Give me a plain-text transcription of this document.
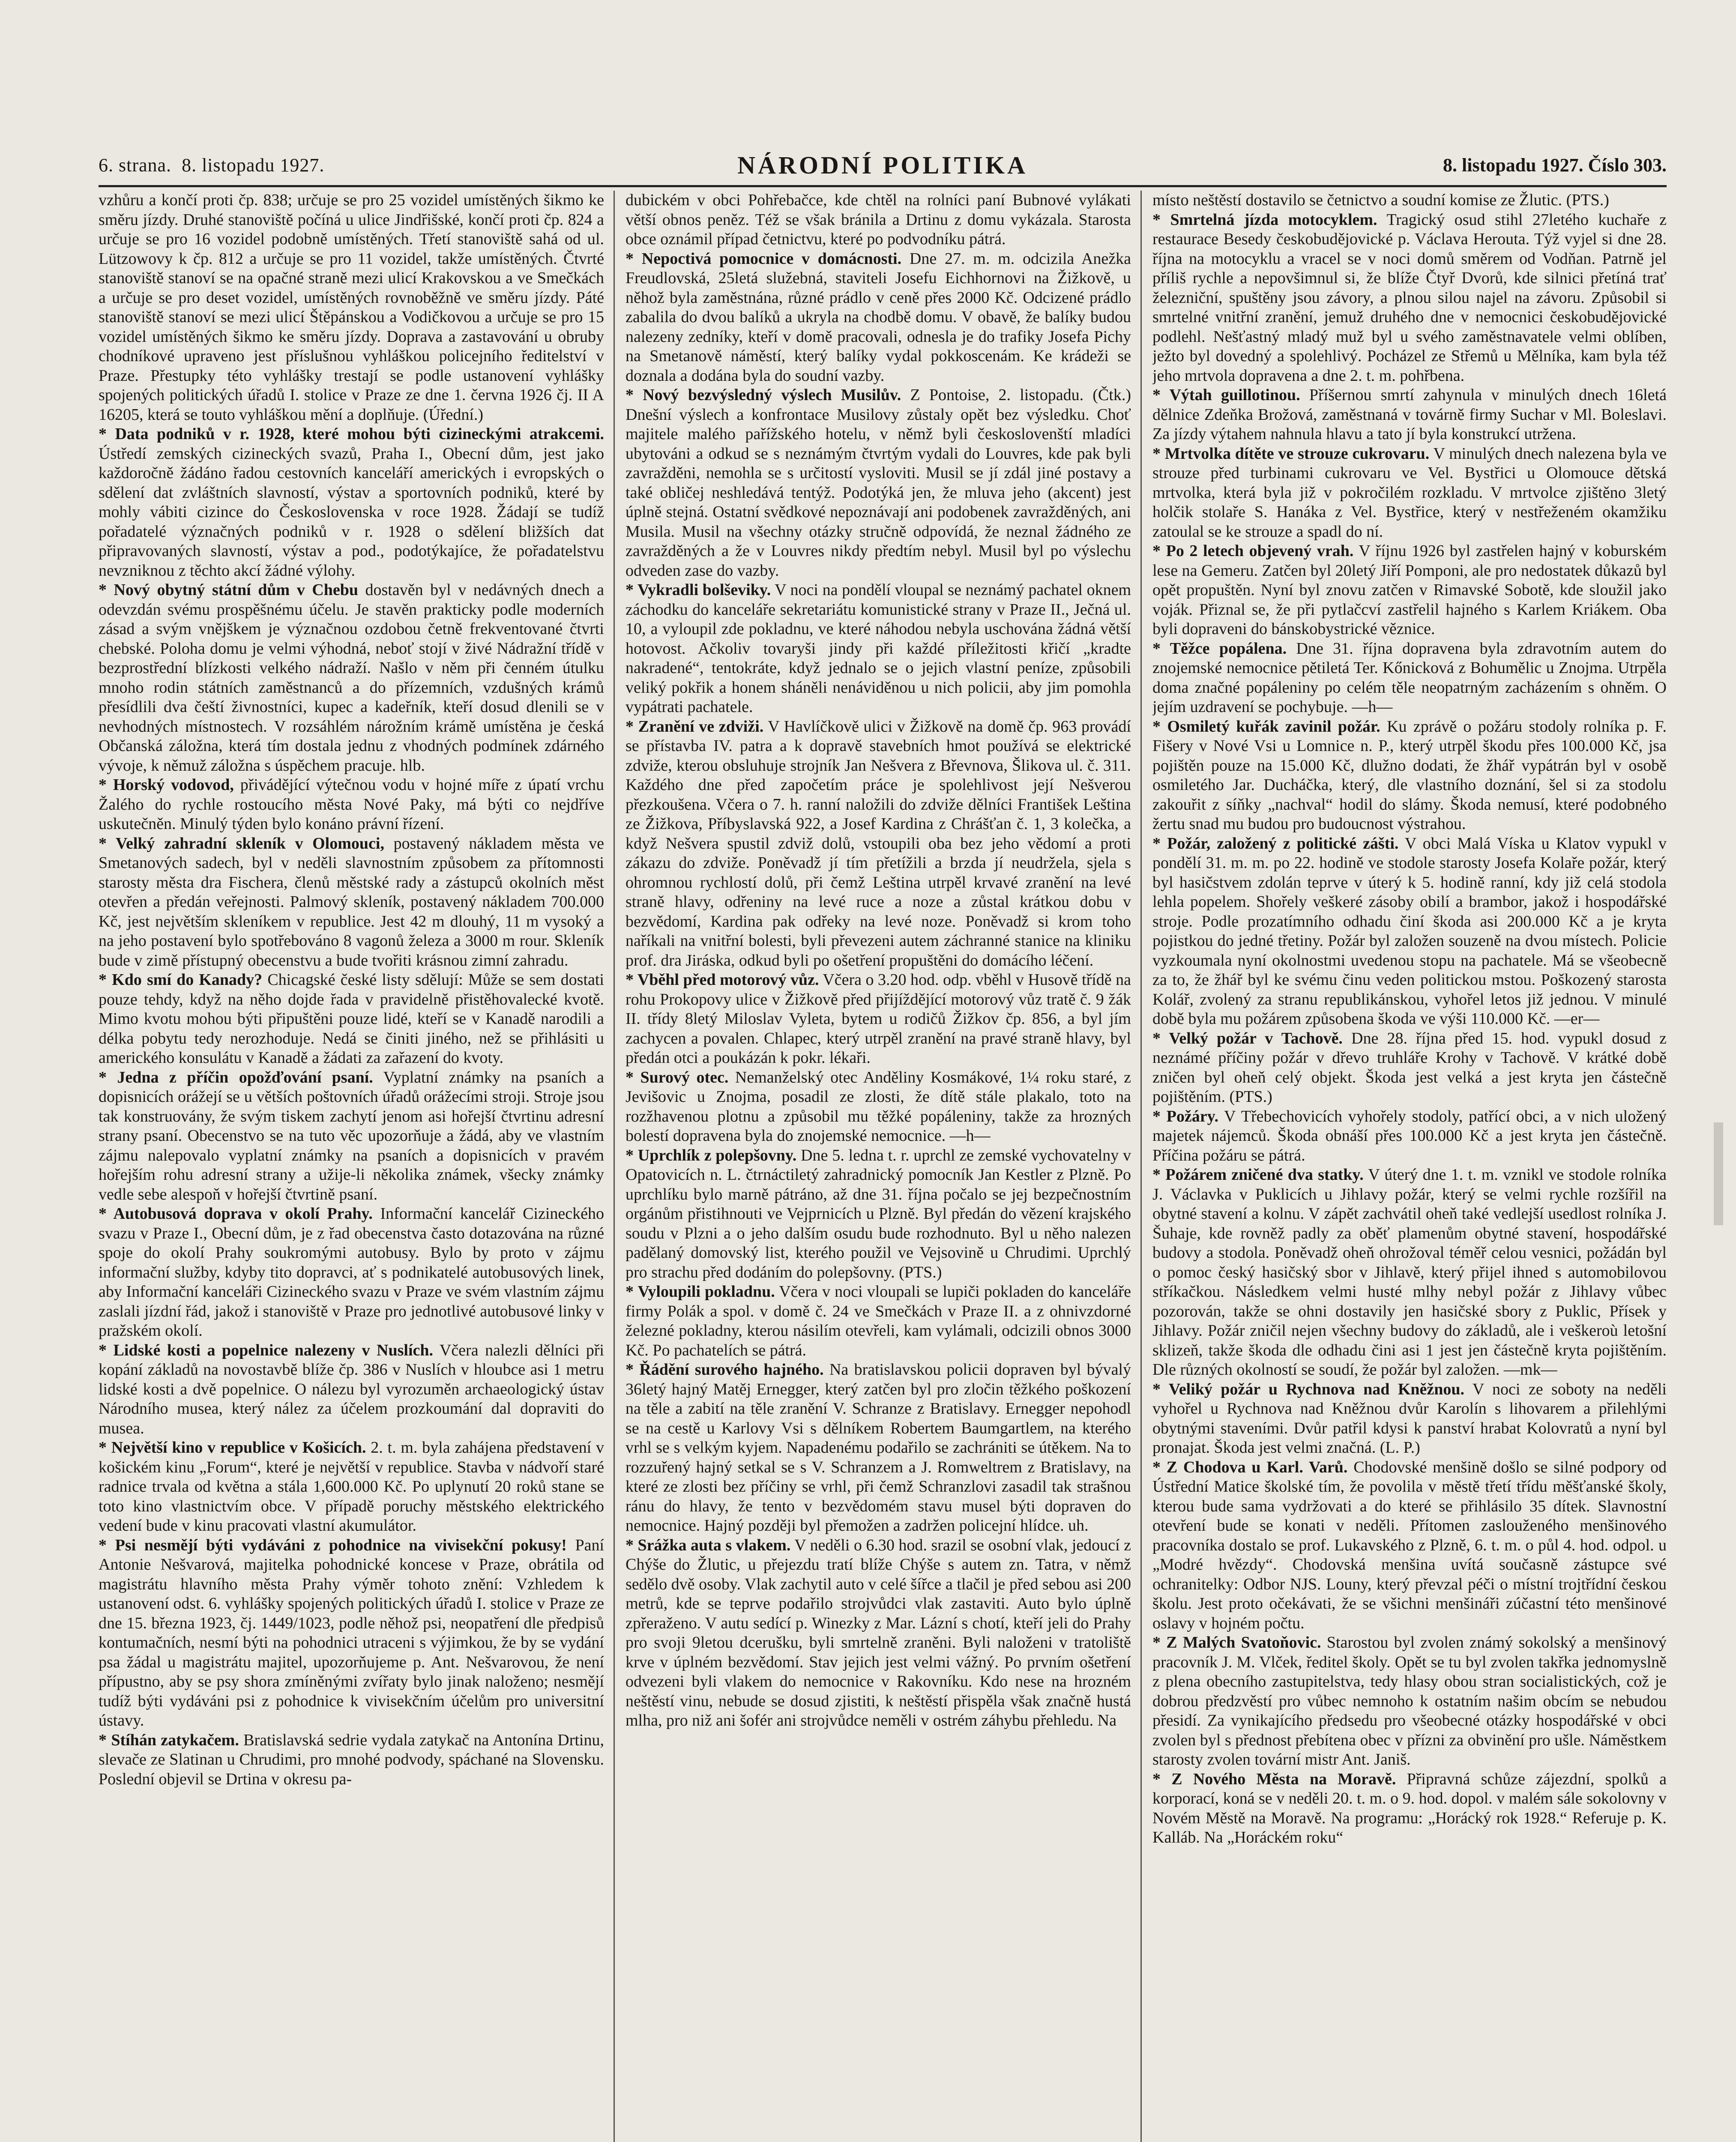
6. strana. 8. listopadu 1927.	NÁRODNÍ POLITIKA	8. listopadu 1927. Číslo 303.

vzhůru a končí proti čp. 838; určuje se pro 25 vozidel umístěných šikmo ke směru jízdy. Druhé stanoviště počíná u ulice Jindřišské, končí proti čp. 824 a určuje se pro 16 vozidel podobně umístěných. Třetí stanoviště sahá od ul. Lützowovy k čp. 812 a určuje se pro 11 vozidel, takže umístěných. Čtvrté stanoviště stanoví se na opačné straně mezi ulicí Krakovskou a ve Smečkách a určuje se pro deset vozidel, umístěných rovnoběžně ve směru jízdy. Páté stanoviště stanoví se mezi ulicí Štěpánskou a Vodičkovou a určuje se pro 15 vozidel umístěných šikmo ke směru jízdy. Doprava a zastavování u obruby chodníkové upraveno jest příslušnou vyhláškou policejního ředitelství v Praze. Přestupky této vyhlášky trestají se podle ustanovení vyhlášky spojených politických úřadů I. stolice v Praze ze dne 1. června 1926 čj. II A 16205, která se touto vyhláškou mění a doplňuje. (Úřední.)

* Data podniků v r. 1928, které mohou býti cizineckými atrakcemi. Ústředí zemských cizineckých svazů, Praha I., Obecní dům, jest jako každoročně žádáno řadou cestovních kanceláří amerických i evropských o sdělení dat zvláštních slavností, výstav a sportovních podniků, které by mohly vábiti cizince do Československa v roce 1928. Žádají se tudíž pořadatelé význačných podniků v r. 1928 o sdělení bližších dat připravovaných slavností, výstav a pod., podotýkajíce, že pořadatelstvu nevzniknou z těchto akcí žádné výlohy.

* Nový obytný státní dům v Chebu dostavěn byl v nedávných dnech a odevzdán svému prospěšnému účelu. Je stavěn prakticky podle moderních zásad a svým vnějškem je význačnou ozdobou četně frekventované čtvrti chebské. Poloha domu je velmi výhodná, neboť stojí v živé Nádražní třídě v bezprostřední blízkosti velkého nádraží. Našlo v něm při čenném útulku mnoho rodin státních zaměstnanců a do přízemních, vzdušných krámů přesídlili dva čeští živnostníci, kupec a kadeřník, kteří dosud dlenili se v nevhodných místnostech. V rozsáhlém nárožním krámě umístěna je česká Občanská záložna, která tím dostala jednu z vhodných podmínek zdárného vývoje, k němuž záložna s úspěchem pracuje. hlb.

* Horský vodovod, přivádějící výtečnou vodu v hojné míře z úpatí vrchu Žalého do rychle rostoucího města Nové Paky, má býti co nejdříve uskutečněn. Minulý týden bylo konáno právní řízení.

* Velký zahradní skleník v Olomouci, postavený nákladem města ve Smetanových sadech, byl v neděli slavnostním způsobem za přítomnosti starosty města dra Fischera, členů městské rady a zástupců okolních měst otevřen a předán veřejnosti. Palmový skleník, postavený nákladem 700.000 Kč, jest největším skleníkem v republice. Jest 42 m dlouhý, 11 m vysoký a na jeho postavení bylo spotřebováno 8 vagonů železa a 3000 m rour. Skleník bude v zimě přístupný obecenstvu a bude tvořiti krásnou zimní zahradu.

* Kdo smí do Kanady? Chicagské české listy sdělují: Může se sem dostati pouze tehdy, když na něho dojde řada v pravidelně přistěhovalecké kvotě. Mimo kvotu mohou býti připuštěni pouze lidé, kteří se v Kanadě narodili a délka pobytu tedy nerozhoduje. Nedá se činiti jiného, než se přihlásiti u amerického konsulátu v Kanadě a žádati za zařazení do kvoty.

* Jedna z příčin opožďování psaní. Vyplatní známky na psaních a dopisnicích orážejí se u větších poštovních úřadů orážecími stroji. Stroje jsou tak konstruovány, že svým tiskem zachytí jenom asi hořejší čtvrtinu adresní strany psaní. Obecenstvo se na tuto věc upozorňuje a žádá, aby ve vlastním zájmu nalepovalo vyplatní známky na psaních a dopisnicích v pravém hořejším rohu adresní strany a užije-li několika známek, všecky známky vedle sebe alespoň v hořejší čtvrtině psaní.

* Autobusová doprava v okolí Prahy. Informační kancelář Cizineckého svazu v Praze I., Obecní dům, je z řad obecenstva často dotazována na různé spoje do okolí Prahy soukromými autobusy. Bylo by proto v zájmu informační služby, kdyby tito dopravci, ať s podnikatelé autobusových linek, aby Informační kanceláři Cizineckého svazu v Praze ve svém vlastním zájmu zaslali jízdní řád, jakož i stanoviště v Praze pro jednotlivé autobusové linky v pražském okolí.

* Lidské kosti a popelnice nalezeny v Nuslích. Včera nalezli dělníci při kopání základů na novostavbě blíže čp. 386 v Nuslích v hloubce asi 1 metru lidské kosti a dvě popelnice. O nálezu byl vyrozuměn archaeologický ústav Národního musea, který nález za účelem prozkoumání dal dopraviti do musea.

* Největší kino v republice v Košicích. 2. t. m. byla zahájena představení v košickém kinu „Forum“, které je největší v republice. Stavba v nádvoří staré radnice trvala od května a stála 1,600.000 Kč. Po uplynutí 20 roků stane se toto kino vlastnictvím obce. V případě poruchy městského elektrického vedení bude v kinu pracovati vlastní akumulátor.

* Psi nesmějí býti vydáváni z pohodnice na vivisekční pokusy! Paní Antonie Nešvarová, majitelka pohodnické koncese v Praze, obrátila od magistrátu hlavního města Prahy výměr tohoto znění: Vzhledem k ustanovení odst. 6. vyhlášky spojených politických úřadů I. stolice v Praze ze dne 15. března 1923, čj. 1449/1023, podle něhož psi, neopatření dle předpisů kontumačních, nesmí býti na pohodnici utraceni s výjimkou, že by se vydání psa žádal u magistrátu majitel, upozorňujeme p. Ant. Nešvarovou, že není přípustno, aby se psy shora zmíněnými zvířaty bylo jinak naloženo; nesmějí tudíž býti vydáváni psi z pohodnice k vivisekčním účelům pro universitní ústavy.

* Stíhán zatykačem. Bratislavská sedrie vydala zatykač na Antonína Drtinu, slevače ze Slatinan u Chrudimi, pro mnohé podvody, spáchané na Slovensku. Poslední objevil se Drtina v okresu pa-

dubickém v obci Pohřebačce, kde chtěl na rolníci paní Bubnové vylákati větší obnos peněz. Též se však bránila a Drtinu z domu vykázala. Starosta obce oznámil případ četnictvu, které po podvodníku pátrá.

* Nepoctivá pomocnice v domácnosti. Dne 27. m. m. odcizila Anežka Freudlovská, 25letá služebná, staviteli Josefu Eichhornovi na Žižkově, u něhož byla zaměstnána, různé prádlo v ceně přes 2000 Kč. Odcizené prádlo zabalila do dvou balíků a ukryla na chodbě domu. V obavě, že balíky budou nalezeny zedníky, kteří v domě pracovali, odnesla je do trafiky Josefa Pichy na Smetanově náměstí, který balíky vydal pokkoscenám. Ke krádeži se doznala a dodána byla do soudní vazby.

* Nový bezvýsledný výslech Musilův. Z Pontoise, 2. listopadu. (Čtk.) Dnešní výslech a konfrontace Musilovy zůstaly opět bez výsledku. Choť majitele malého pařížského hotelu, v němž byli českoslovenští mladíci ubytováni a odkud se s neznámým čtvrtým vydali do Louvres, kde pak byli zavražděni, nemohla se s určitostí vysloviti. Musil se jí zdál jiné postavy a také obličej neshledává tentýž. Podotýká jen, že mluva jeho (akcent) jest úplně stejná. Ostatní svědkové nepoznávají ani podobenek zavražděných, ani Musila. Musil na všechny otázky stručně odpovídá, že neznal žádného ze zavražděných a že v Louvres nikdy předtím nebyl. Musil byl po výslechu odveden zase do vazby.

* Vykradli bolševiky. V noci na pondělí vloupal se neznámý pachatel oknem záchodku do kanceláře sekretariátu komunistické strany v Praze II., Ječná ul. 10, a vyloupil zde pokladnu, ve které náhodou nebyla uschována žádná větší hotovost. Ačkoliv tovaryši jindy při každé příležitosti křičí „kradte nakradené“, tentokráte, když jednalo se o jejich vlastní peníze, způsobili veliký pokřik a honem sháněli nenáviděnou u nich policii, aby jim pomohla vypátrati pachatele.

* Zranění ve zdviži. V Havlíčkově ulici v Žižkově na domě čp. 963 provádí se přístavba IV. patra a k dopravě stavebních hmot používá se elektrické zdviže, kterou obsluhuje strojník Jan Nešvera z Břevnova, Šlikova ul. č. 311. Každého dne před započetím práce je spolehlivost její Nešverou přezkoušena. Včera o 7. h. ranní naložili do zdviže dělníci František Leština ze Žižkova, Příbyslavská 922, a Josef Kardina z Chrášťan č. 1, 3 kolečka, a když Nešvera spustil zdviž dolů, vstoupili oba bez jeho vědomí a proti zákazu do zdviže. Poněvadž jí tím přetížili a brzda jí neudržela, sjela s ohromnou rychlostí dolů, při čemž Leština utrpěl krvavé zranění na levé straně hlavy, odřeniny na levé ruce a noze a zůstal krátkou dobu v bezvědomí, Kardina pak odřeky na levé noze. Poněvadž si krom toho naříkali na vnitřní bolesti, byli převezeni autem záchranné stanice na kliniku prof. dra Jiráska, odkud byli po ošetření propuštěni do domácího léčení.

* Vběhl před motorový vůz. Včera o 3.20 hod. odp. vběhl v Husově třídě na rohu Prokopovy ulice v Žižkově před přijíždějící motorový vůz tratě č. 9 žák II. třídy 8letý Miloslav Vyleta, bytem u rodičů Žižkov čp. 856, a byl jím zachycen a povalen. Chlapec, který utrpěl zranění na pravé straně hlavy, byl předán otci a poukázán k pokr. lékaři.

* Surový otec. Nemanželský otec Anděliny Kosmákové, 1¼ roku staré, z Jevišovic u Znojma, posadil ze zlosti, že dítě stále plakalo, toto na rozžhavenou plotnu a způsobil mu těžké popáleniny, takže za hrozných bolestí dopravena byla do znojemské nemocnice. —h—

* Uprchlík z polepšovny. Dne 5. ledna t. r. uprchl ze zemské vychovatelny v Opatovicích n. L. čtrnáctiletý zahradnický pomocník Jan Kestler z Plzně. Po uprchlíku bylo marně pátráno, až dne 31. října počalo se jej bezpečnostním orgánům přistihnouti ve Vejprnicích u Plzně. Byl předán do vězení krajského soudu v Plzni a o jeho dalším osudu bude rozhodnuto. Byl u něho nalezen padělaný domovský list, kterého použil ve Vejsovině u Chrudimi. Uprchlý pro strachu před dodáním do polepšovny. (PTS.)

* Vyloupili pokladnu. Včera v noci vloupali se lupiči pokladen do kanceláře firmy Polák a spol. v domě č. 24 ve Smečkách v Praze II. a z ohnivzdorné železné pokladny, kterou násilím otevřeli, kam vylámali, odcizili obnos 3000 Kč. Po pachatelích se pátrá.

* Řádění surového hajného. Na bratislavskou policii dopraven byl bývalý 36letý hajný Matěj Ernegger, který zatčen byl pro zločin těžkého poškození na těle a zabití na těle zranění V. Schranze z Bratislavy. Ernegger nepohodl se na cestě u Karlovy Vsi s dělníkem Robertem Baumgartlem, na kterého vrhl se s velkým kyjem. Napadenému podařilo se zachrániti se útěkem. Na to rozzuřený hajný setkal se s V. Schranzem a J. Romweltrem z Bratislavy, na které ze zlosti bez příčiny se vrhl, při čemž Schranzlovi zasadil tak strašnou ránu do hlavy, že tento v bezvědomém stavu musel býti dopraven do nemocnice. Hajný později byl přemožen a zadržen policejní hlídce. uh.

* Srážka auta s vlakem. V neděli o 6.30 hod. srazil se osobní vlak, jedoucí z Chýše do Žlutic, u přejezdu tratí blíže Chýše s autem zn. Tatra, v němž sedělo dvě osoby. Vlak zachytil auto v celé šířce a tlačil je před sebou asi 200 metrů, kde se teprve podařilo strojvůdci vlak zastaviti. Auto bylo úplně zpřeraženo. V autu sedící p. Winezky z Mar. Lázní s chotí, kteří jeli do Prahy pro svoji 9letou dcerušku, byli smrtelně zraněni. Byli naloženi v tratoliště krve v úplném bezvědomí. Stav jejich jest velmi vážný. Po prvním ošetření odvezeni byli vlakem do nemocnice v Rakovníku. Kdo nese na hrozném neštěstí vinu, nebude se dosud zjistiti, k neštěstí přispěla však značně hustá mlha, pro niž ani šofér ani strojvůdce neměli v ostrém záhybu přehledu. Na

místo neštěstí dostavilo se četnictvo a soudní komise ze Žlutic. (PTS.)

* Smrtelná jízda motocyklem. Tragický osud stihl 27letého kuchaře z restaurace Besedy českobudějovické p. Václava Herouta. Týž vyjel si dne 28. října na motocyklu a vracel se v noci domů směrem od Vodňan. Patrně jel příliš rychle a nepovšimnul si, že blíže Čtyř Dvorů, kde silnici přetíná trať železniční, spuštěny jsou závory, a plnou silou najel na závoru. Způsobil si smrtelné vnitřní zranění, jemuž druhého dne v nemocnici českobudějovické podlehl. Nešťastný mladý muž byl u svého zaměstnavatele velmi oblíben, ježto byl dovedný a spolehlivý. Pocházel ze Střemů u Mělníka, kam byla též jeho mrtvola dopravena a dne 2. t. m. pohřbena.

* Výtah guillotinou. Příšernou smrtí zahynula v minulých dnech 16letá dělnice Zdeňka Brožová, zaměstnaná v továrně firmy Suchar v Ml. Boleslavi. Za jízdy výtahem nahnula hlavu a tato jí byla konstrukcí utržena.

* Mrtvolka dítěte ve strouze cukrovaru. V minulých dnech nalezena byla ve strouze před turbinami cukrovaru ve Vel. Bystřici u Olomouce dětská mrtvolka, která byla již v pokročilém rozkladu. V mrtvolce zjištěno 3letý holčik stolaře S. Hanáka z Vel. Bystřice, který v nestřeženém okamžiku zatoulal se ke strouze a spadl do ní.

* Po 2 letech objevený vrah. V říjnu 1926 byl zastřelen hajný v koburském lese na Gemeru. Zatčen byl 20letý Jiří Pomponi, ale pro nedostatek důkazů byl opět propuštěn. Nyní byl znovu zatčen v Rimavské Sobotě, kde sloužil jako voják. Přiznal se, že při pytlačcví zastřelil hajného s Karlem Kriákem. Oba byli dopraveni do bánskobystrické věznice.

* Těžce popálena. Dne 31. října dopravena byla zdravotním autem do znojemské nemocnice pětiletá Ter. Kőnicková z Bohumělic u Znojma. Utrpěla doma značné popáleniny po celém těle neopatrným zacházením s ohněm. O jejím uzdravení se pochybuje. —h—

* Osmiletý kuřák zavinil požár. Ku zprávě o požáru stodoly rolníka p. F. Fišery v Nové Vsi u Lomnice n. P., který utrpěl škodu přes 100.000 Kč, jsa pojištěn pouze na 15.000 Kč, dlužno dodati, že žhář vypátrán byl v osobě osmiletého Jar. Ducháčka, který, dle vlastního doznání, šel si za stodolu zakouřit z síňky „nachval“ hodil do slámy. Škoda nemusí, které podobného žertu snad mu budou pro budoucnost výstrahou.

* Požár, založený z politické zášti. V obci Malá Víska u Klatov vypukl v pondělí 31. m. m. po 22. hodině ve stodole starosty Josefa Kolaře požár, který byl hasičstvem zdolán teprve v úterý k 5. hodině ranní, kdy již celá stodola lehla popelem. Shořely veškeré zásoby obilí a brambor, jakož i hospodářské stroje. Podle prozatímního odhadu činí škoda asi 200.000 Kč a je kryta pojistkou do jedné třetiny. Požár byl založen souzeně na dvou místech. Policie vyzkoumala nyní okolnostmi uvedenou stopu na pachatele. Má se všeobecně za to, že žhář byl ke svému činu veden politickou mstou. Poškozený starosta Kolář, zvolený za stranu republikánskou, vyhořel letos již jednou. V minulé době byla mu požárem způsobena škoda ve výši 110.000 Kč. —er—

* Velký požár v Tachově. Dne 28. října před 15. hod. vypukl dosud z neznámé příčiny požár v dřevo truhláře Krohy v Tachově. V krátké době zničen byl oheň celý objekt. Škoda jest velká a jest kryta jen částečně pojištěním. (PTS.)

* Požáry. V Třebechovicích vyhořely stodoly, patřící obci, a v nich uložený majetek nájemců. Škoda obnáší přes 100.000 Kč a jest kryta jen částečně. Příčina požáru se pátrá.

* Požárem zničené dva statky. V úterý dne 1. t. m. vznikl ve stodole rolníka J. Václavka v Puklicích u Jihlavy požár, který se velmi rychle rozšířil na obytné stavení a kolnu. V zápět zachvátil oheň také vedlejší usedlost rolníka J. Šuhaje, kde rovněž padly za oběť plamenům obytné stavení, hospodářské budovy a stodola. Poněvadž oheň ohrožoval téměř celou vesnici, požádán byl o pomoc český hasičský sbor v Jihlavě, který přijel ihned s automobilovou stříkačkou. Následkem velmi husté mlhy nebyl požár z Jihlavy vůbec pozorován, takže se ohni dostavily jen hasičské sbory z Puklic, Přísek y Jihlavy. Požár zničil nejen všechny budovy do základů, ale i veškeroù letošní sklizeň, takže škoda dle odhadu čini asi 1 jest jen částečně kryta pojištěním. Dle různých okolností se soudí, že požár byl založen. —mk—

* Veliký požár u Rychnova nad Kněžnou. V noci ze soboty na neděli vyhořel u Rychnova nad Kněžnou dvůr Karolín s lihovarem a přilehlými obytnými staveními. Dvůr patřil kdysi k panství hrabat Kolovratů a nyní byl pronajat. Škoda jest velmi značná. (L. P.)

* Z Chodova u Karl. Varů. Chodovské menšině došlo se silné podpory od Ústřední Matice školské tím, že povolila v městě třetí třídu měšťanské školy, kterou bude sama vydržovati a do které se přihlásilo 35 dítek. Slavnostní otevření bude se konati v neděli. Přítomen zaslouženého menšinového pracovníka dostalo se prof. Lukavského z Plzně, 6. t. m. o půl 4. hod. odpol. u „Modré hvězdy“. Chodovská menšina uvítá současně zástupce své ochranitelky: Odbor NJS. Louny, který převzal péči o místní trojtřídní českou školu. Jest proto očekávati, že se všichni menšináři zúčastní této menšinové oslavy v hojném počtu.

* Z Malých Svatoňovic. Starostou byl zvolen známý sokolský a menšinový pracovník J. M. Vlček, ředitel školy. Opět se tu byl zvolen takřka jednomyslně z plena obecního zastupitelstva, tedy hlasy obou stran socialistických, což je dobrou předzvěstí pro vůbec nemnoho k ostatním našim obcím se nebudou přesidí. Za vynikajícího předsedu pro všeobecné otázky hospodářské v obci zvolen byl s přednost přebítena obec v přízni za obvinění pro ušle. Náměstkem starosty zvolen tovární mistr Ant. Janiš.

* Z Nového Města na Moravě. Připravná schůze zájezdní, spolků a korporací, koná se v neděli 20. t. m. o 9. hod. dopol. v malém sále sokolovny v Novém Městě na Moravě. Na programu: „Horácký rok 1928.“ Referuje p. K. Kalláb. Na „Horáckém roku“
